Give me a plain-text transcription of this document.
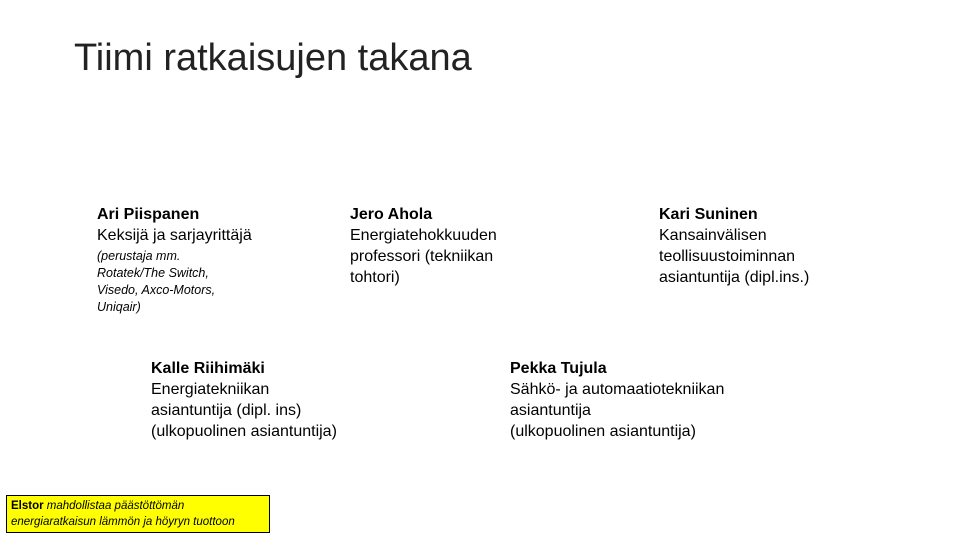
Tiimi ratkaisujen takana
Ari Piispanen
Keksijä ja sarjayrittäjä
(perustaja mm.
Rotatek/The Switch,
Visedo, Axco-Motors,
Uniqair)
Jero Ahola
Energiatehokkuuden
professori (tekniikan
tohtori)
Kari Suninen
Kansainvälisen
teollisuustoiminnan
asiantuntija (dipl.ins.)
Kalle Riihimäki
Energiatekniikan
asiantuntija (dipl. ins)
(ulkopuolinen asiantuntija)
Pekka Tujula
Sähkö- ja automaatiotekniikan
asiantuntija
(ulkopuolinen asiantuntija)
Elstor mahdollistaa päästöttömän
energiaratkaisun lämmön ja höyryn tuottoon
